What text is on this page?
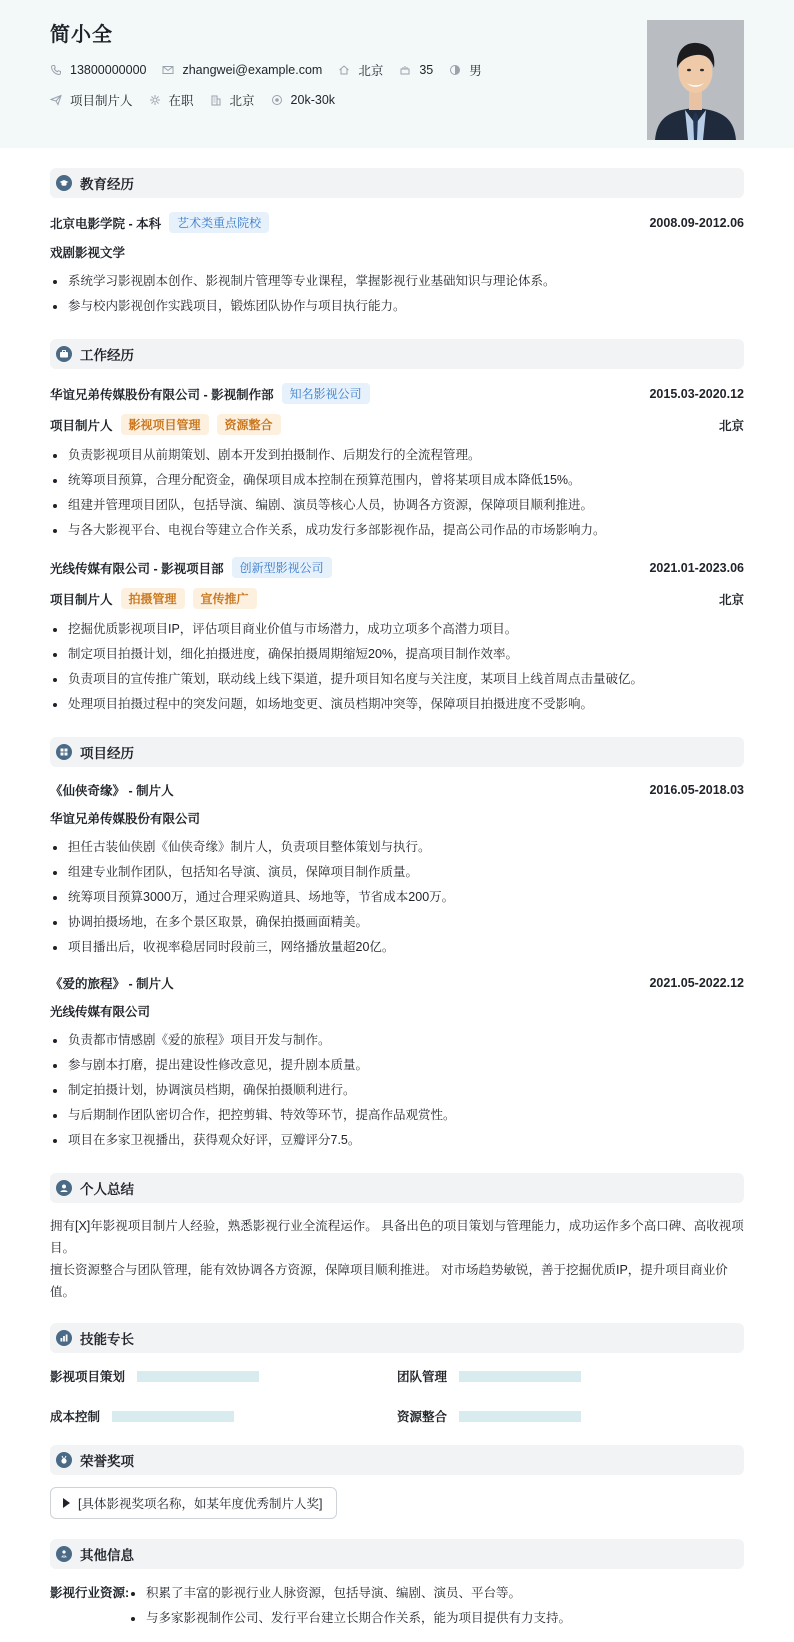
简小全
13800000000	zhangwei@example.com	北京	35	男
项目制片人	在职	北京	20k-30k
教育经历
北京电影学院 - 本科	艺术类重点院校	2008.09-2012.06
戏剧影视文学
系统学习影视剧本创作、影视制片管理等专业课程，掌握影视行业基础知识与理论体系。
参与校内影视创作实践项目，锻炼团队协作与项目执行能力。
工作经历
华谊兄弟传媒股份有限公司 - 影视制作部	知名影视公司	2015.03-2020.12
项目制片人	影视项目管理	资源整合	北京
负责影视项目从前期策划、剧本开发到拍摄制作、后期发行的全流程管理。
统筹项目预算，合理分配资金，确保项目成本控制在预算范围内，曾将某项目成本降低15%。
组建并管理项目团队，包括导演、编剧、演员等核心人员，协调各方资源，保障项目顺利推进。
与各大影视平台、电视台等建立合作关系，成功发行多部影视作品，提高公司作品的市场影响力。
光线传媒有限公司 - 影视项目部	创新型影视公司	2021.01-2023.06
项目制片人	拍摄管理	宣传推广	北京
挖掘优质影视项目IP，评估项目商业价值与市场潜力，成功立项多个高潜力项目。
制定项目拍摄计划，细化拍摄进度，确保拍摄周期缩短20%，提高项目制作效率。
负责项目的宣传推广策划，联动线上线下渠道，提升项目知名度与关注度，某项目上线首周点击量破亿。
处理项目拍摄过程中的突发问题，如场地变更、演员档期冲突等，保障项目拍摄进度不受影响。
项目经历
《仙侠奇缘》 - 制片人	2016.05-2018.03
华谊兄弟传媒股份有限公司
担任古装仙侠剧《仙侠奇缘》制片人，负责项目整体策划与执行。
组建专业制作团队，包括知名导演、演员，保障项目制作质量。
统筹项目预算3000万，通过合理采购道具、场地等，节省成本200万。
协调拍摄场地，在多个景区取景，确保拍摄画面精美。
项目播出后，收视率稳居同时段前三，网络播放量超20亿。
《爱的旅程》 - 制片人	2021.05-2022.12
光线传媒有限公司
负责都市情感剧《爱的旅程》项目开发与制作。
参与剧本打磨，提出建设性修改意见，提升剧本质量。
制定拍摄计划，协调演员档期，确保拍摄顺利进行。
与后期制作团队密切合作，把控剪辑、特效等环节，提高作品观赏性。
项目在多家卫视播出，获得观众好评，豆瓣评分7.5。
个人总结
拥有[X]年影视项目制片人经验，熟悉影视行业全流程运作。 具备出色的项目策划与管理能力，成功运作多个高口碑、高收视项目。
擅长资源整合与团队管理，能有效协调各方资源，保障项目顺利推进。 对市场趋势敏锐，善于挖掘优质IP，提升项目商业价值。
技能专长
影视项目策划	团队管理
成本控制	资源整合
荣誉奖项
[具体影视奖项名称，如某年度优秀制片人奖]
其他信息
影视行业资源:	积累了丰富的影视行业人脉资源，包括导演、编剧、演员、平台等。
与多家影视制作公司、发行平台建立长期合作关系，能为项目提供有力支持。
